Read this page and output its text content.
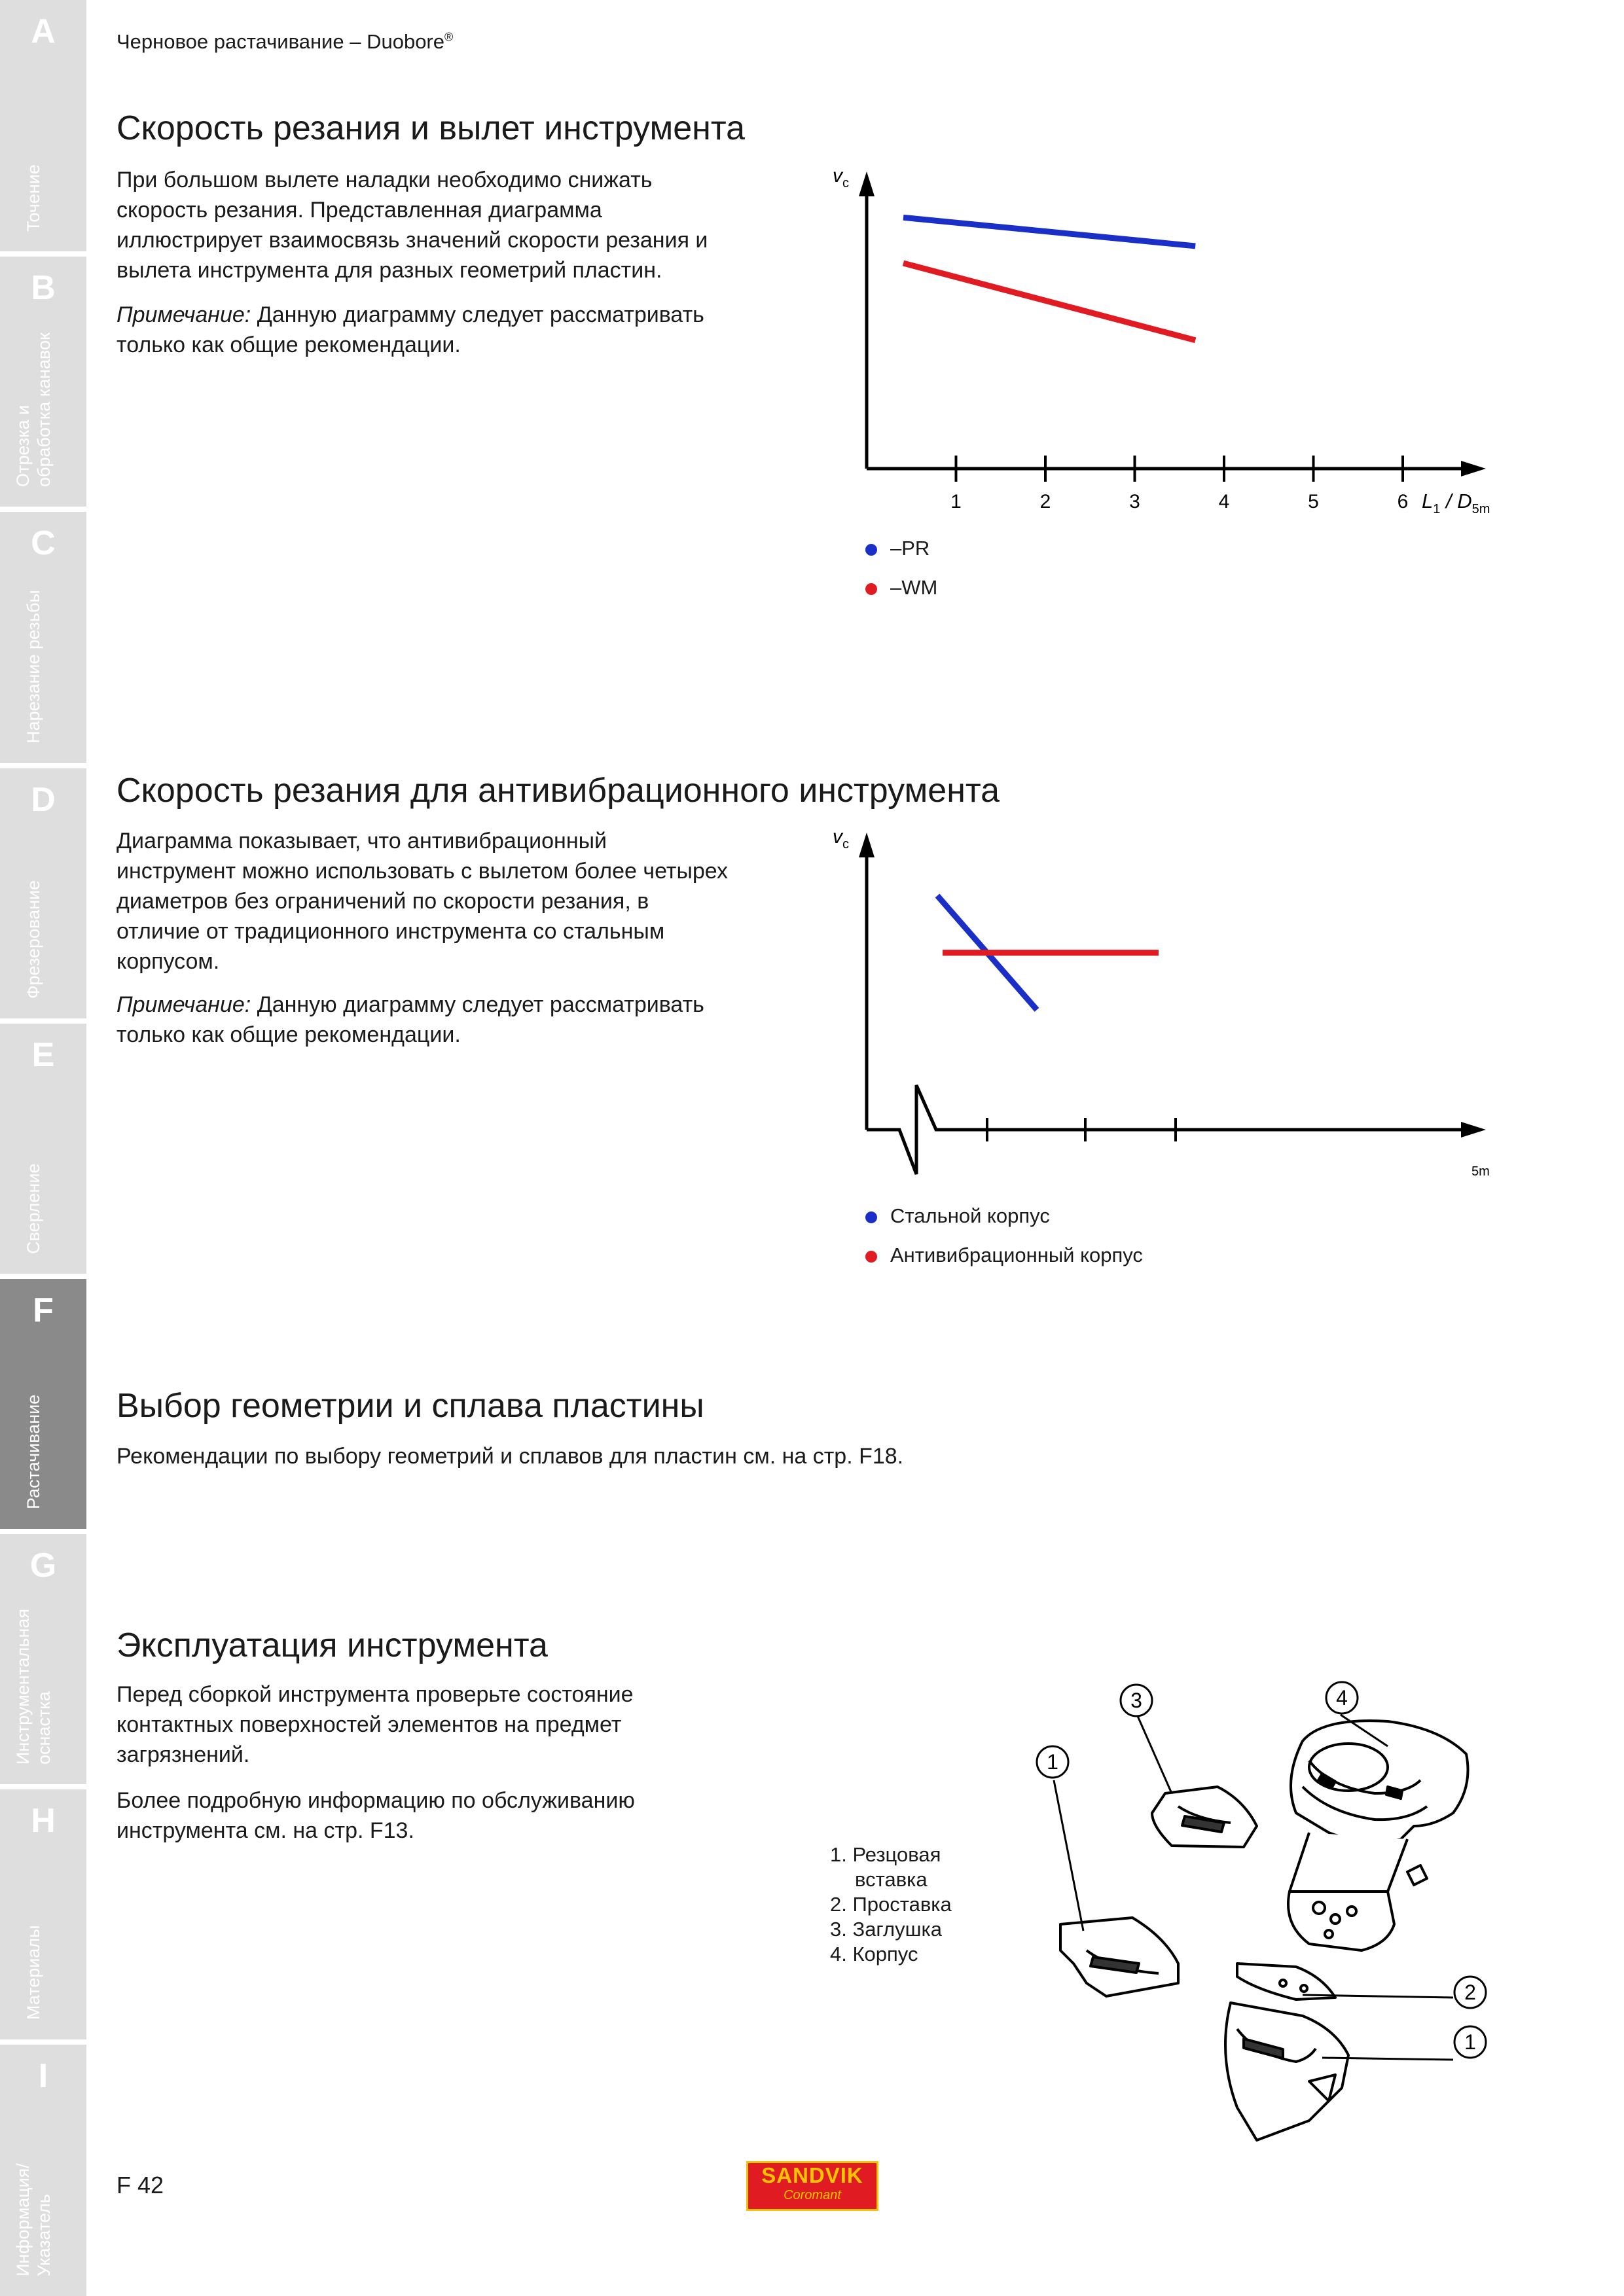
A
Точение
B
Отрезка и обработка канавок
C
Нарезание резьбы
D
Фрезерование
E
Сверление
F
Растачивание
G
Инструментальная оснастка
H
Материалы
I
Информация/ Указатель
Черновое растачивание – Duobore®
Скорость резания и вылет инструмента
При большом вылете наладки необходимо снижать
скорость резания. Представленная диаграмма
иллюстрирует взаимосвязь значений скорости резания и
вылета инструмента для разных геометрий пластин.
Примечание: Данную диаграмму следует рассматривать
только как общие рекомендации.
$v_c$
1	2	3	4	5	6 $L_1 / D_{5m}$
–PR
–WM
Скорость резания для антивибрационного инструмента
Диаграмма показывает, что антивибрационный
инструмент можно использовать с вылетом более четырех
диаметров без ограничений по скорости резания, в
отличие от традиционного инструмента со стальным
корпусом.
Примечание: Данную диаграмму следует рассматривать
только как общие рекомендации.
$v_c$
5m
Стальной корпус
Антивибрационный корпус
Выбор геометрии и сплава пластины
Рекомендации по выбору геометрий и сплавов для пластин см. на стр. F18.
Эксплуатация инструмента
Перед сборкой инструмента проверьте состояние
контактных поверхностей элементов на предмет
загрязнений.
Более подробную информацию по обслуживанию
инструмента см. на стр. F13.
1. Резцовая
вставка
2. Проставка
3. Заглушка
4. Корпус
4
3
1
2
1
F 42	SANDVIK
Coromant
